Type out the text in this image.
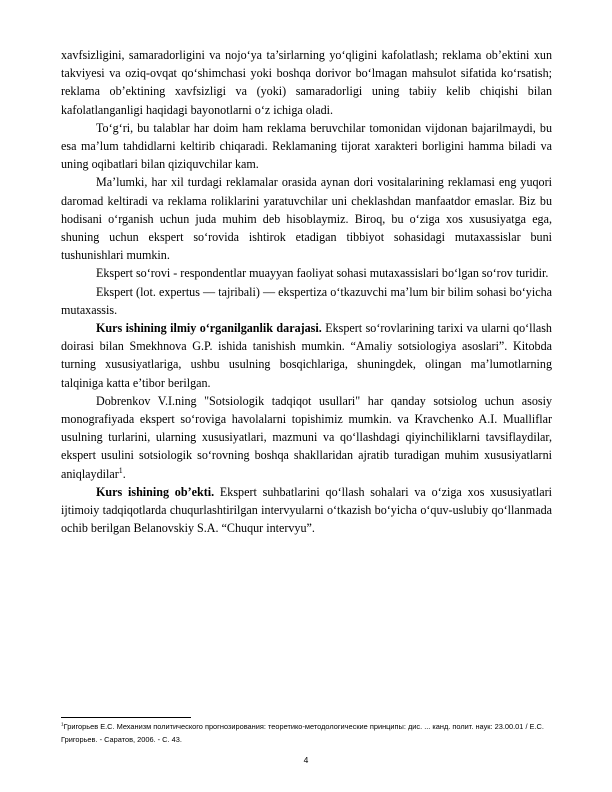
xavfsizligini, samaradorligini va nojo‘ya ta’sirlarning yo‘qligini kafolatlash; reklama ob’ektini xun takviyesi va oziq-ovqat qo‘shimchasi yoki boshqa dorivor bo‘lmagan mahsulot sifatida ko‘rsatish; reklama ob’ektining xavfsizligi va (yoki) samaradorligi uning tabiiy kelib chiqishi bilan kafolatlanganligi haqidagi bayonotlarni o‘z ichiga oladi.

To‘g‘ri, bu talablar har doim ham reklama beruvchilar tomonidan vijdonan bajarilmaydi, bu esa ma’lum tahdidlarni keltirib chiqaradi. Reklamaning tijorat xarakteri borligini hamma biladi va uning oqibatlari bilan qiziquvchilar kam.

Ma’lumki, har xil turdagi reklamalar orasida aynan dori vositalarining reklamasi eng yuqori daromad keltiradi va reklama roliklarini yaratuvchilar uni cheklashdan manfaatdor emaslar. Biz bu hodisani o‘rganish uchun juda muhim deb hisoblaymiz. Biroq, bu o‘ziga xos xususiyatga ega, shuning uchun ekspert so‘rovida ishtirok etadigan tibbiyot sohasidagi mutaxassislar buni tushunishlari mumkin.

Ekspert so‘rovi - respondentlar muayyan faoliyat sohasi mutaxassislari bo‘lgan so‘rov turidir.

Ekspert (lot. expertus — tajribali) — ekspertiza o‘tkazuvchi ma’lum bir bilim sohasi bo‘yicha mutaxassis.

Kurs ishining ilmiy o‘rganilganlik darajasi. Ekspert so‘rovlarining tarixi va ularni qo‘llash doirasi bilan Smekhnova G.P. ishida tanishish mumkin. “Amaliy sotsiologiya asoslari”. Kitobda turning xususiyatlariga, ushbu usulning bosqichlariga, shuningdek, olingan ma’lumotlarning talqiniga katta e’tibor berilgan.

Dobrenkov V.I.ning "Sotsiologik tadqiqot usullari" har qanday sotsiolog uchun asosiy monografiyada ekspert so‘roviga havolalarni topishimiz mumkin. va Kravchenko A.I. Mualliflar usulning turlarini, ularning xususiyatlari, mazmuni va qo‘llashdagi qiyinchiliklarni tavsiflaydilar, ekspert usulini sotsiologik so‘rovning boshqa shakllaridan ajratib turadigan muhim xususiyatlarni aniqlaydilar$^1$.

Kurs ishining ob’ekti. Ekspert suhbatlarini qo‘llash sohalari va o‘ziga xos xususiyatlari ijtimoiy tadqiqotlarda chuqurlashtirilgan intervyularni o‘tkazish bo‘yicha o‘quv-uslubiy qo‘llanmada ochib berilgan Belanovskiy S.A. “Chuqur intervyu”.

$^1$Григорьев Е.С. Механизм политического прогнозирования: теоретико-методологические принципы: дис. ... канд. полит. наук: 23.00.01 / Е.С. Григорьев. - Саратов, 2006. - С. 43.

4
